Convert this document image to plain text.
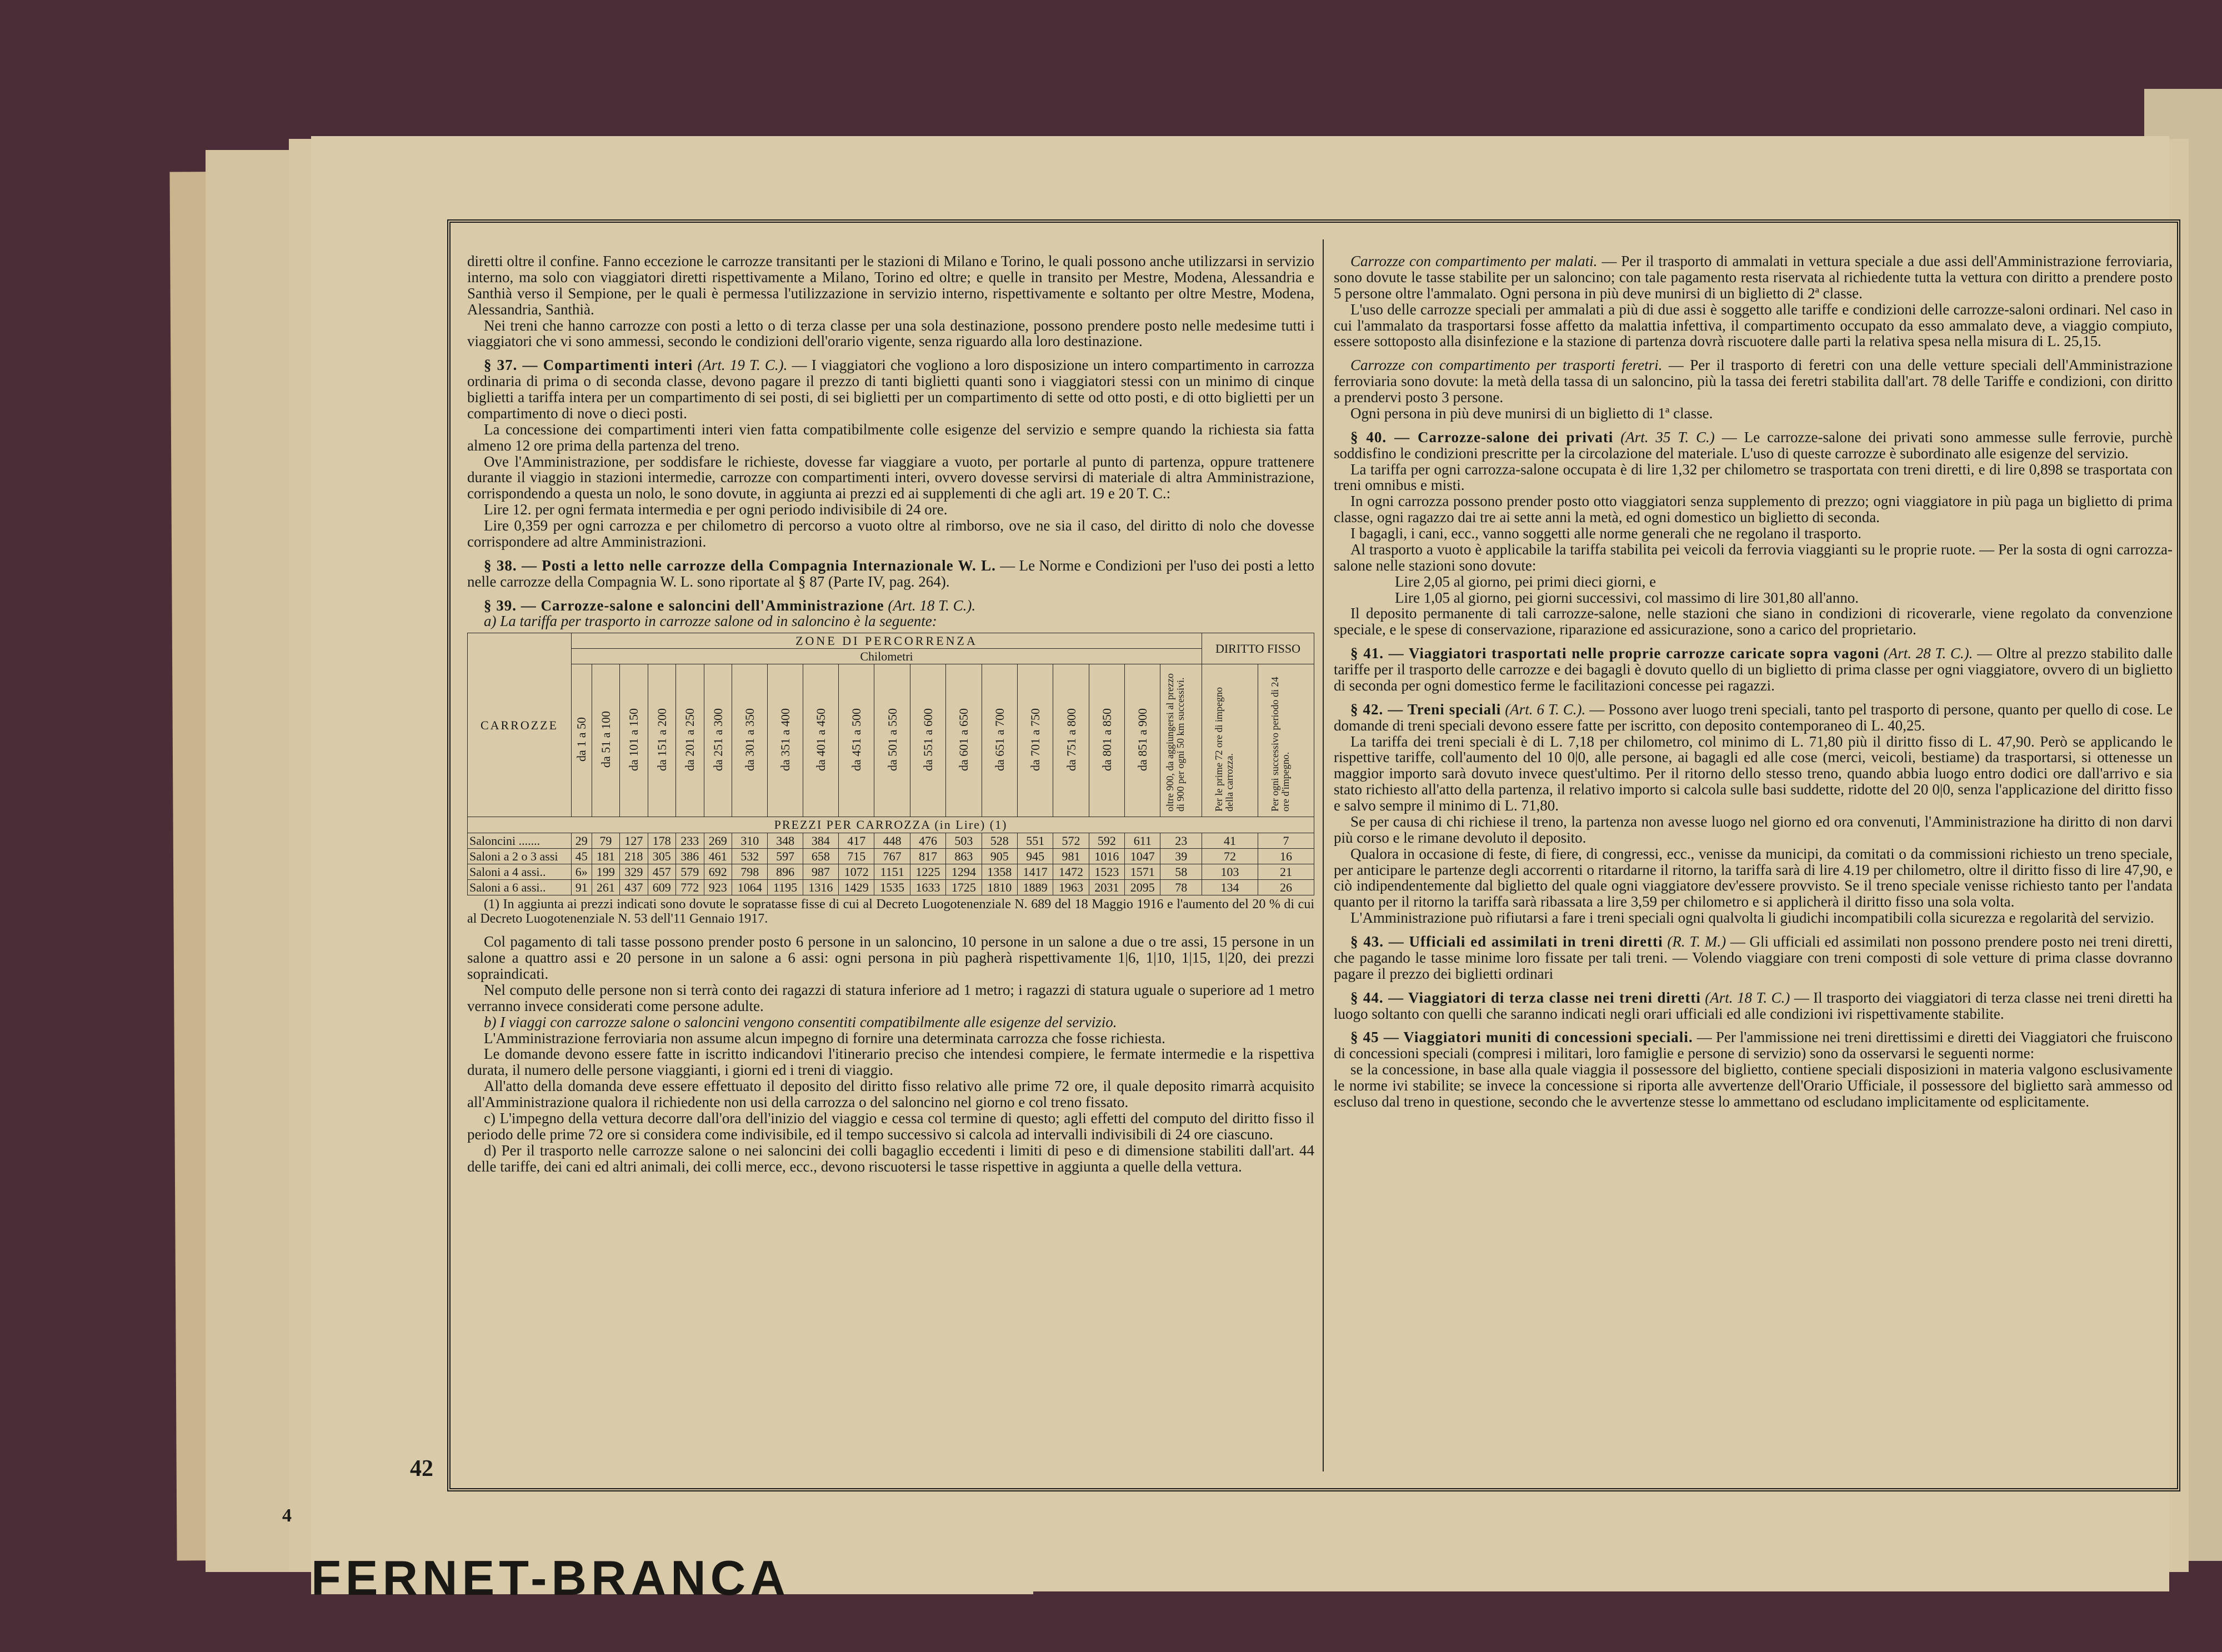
4
FERNET-BRANCA
42

diretti oltre il confine. Fanno eccezione le carrozze transitanti per le stazioni di Milano e Torino, le quali possono anche utilizzarsi in servizio interno, ma solo con viaggiatori diretti rispettivamente a Milano, Torino ed oltre; e quelle in transito per Mestre, Modena, Alessandria e Santhià verso il Sempione, per le quali è permessa l'utilizzazione in servizio interno, rispettivamente e soltanto per oltre Mestre, Modena, Alessandria, Santhià.

Nei treni che hanno carrozze con posti a letto o di terza classe per una sola destinazione, possono prendere posto nelle medesime tutti i viaggiatori che vi sono ammessi, secondo le condizioni dell'orario vigente, senza riguardo alla loro destinazione.

§ 37. — Compartimenti interi (Art. 19 T. C.). — I viaggiatori che vogliono a loro disposizione un intero compartimento in carrozza ordinaria di prima o di seconda classe, devono pagare il prezzo di tanti biglietti quanti sono i viaggiatori stessi con un minimo di cinque biglietti a tariffa intera per un compartimento di sei posti, di sei biglietti per un compartimento di sette od otto posti, e di otto biglietti per un compartimento di nove o dieci posti.

La concessione dei compartimenti interi vien fatta compatibilmente colle esigenze del servizio e sempre quando la richiesta sia fatta almeno 12 ore prima della partenza del treno.

Ove l'Amministrazione, per soddisfare le richieste, dovesse far viaggiare a vuoto, per portarle al punto di partenza, oppure trattenere durante il viaggio in stazioni intermedie, carrozze con compartimenti interi, ovvero dovesse servirsi di materiale di altra Amministrazione, corrispondendo a questa un nolo, le sono dovute, in aggiunta ai prezzi ed ai supplementi di che agli art. 19 e 20 T. C.:

Lire 12. per ogni fermata intermedia e per ogni periodo indivisibile di 24 ore.

Lire 0,359 per ogni carrozza e per chilometro di percorso a vuoto oltre al rimborso, ove ne sia il caso, del diritto di nolo che dovesse corrispondere ad altre Amministrazioni.

§ 38. — Posti a letto nelle carrozze della Compagnia Internazionale W. L. — Le Norme e Condizioni per l'uso dei posti a letto nelle carrozze della Compagnia W. L. sono riportate al § 87 (Parte IV, pag. 264).

§ 39. — Carrozze-salone e saloncini dell'Amministrazione (Art. 18 T. C.).

a) La tariffa per trasporto in carrozze salone od in saloncino è la seguente:

CARROZZE	ZONE DI PERCORRENZA																			DIRITTO FISSO	
	Chilometri																				
	da 1 a 50	da 51 a 100	da 101 a 150	da 151 a 200	da 201 a 250	da 251 a 300	da 301 a 350	da 351 a 400	da 401 a 450	da 451 a 500	da 501 a 550	da 551 a 600	da 601 a 650	da 651 a 700	da 701 a 750	da 751 a 800	da 801 a 850	da 851 a 900	oltre 900, da aggiungersi al prezzo di 900 per ogni 50 km successivi.	Per le prime 72 ore di impegno della carrozza.	Per ogni successivo periodo di 24 ore d'impegno.
PREZZI PER CARROZZA (in Lire) (1)																					
Saloncini .......	29	79	127	178	233	269	310	348	384	417	448	476	503	528	551	572	592	611	23	41	7
Saloni a 2 o 3 assi	45	181	218	305	386	461	532	597	658	715	767	817	863	905	945	981	1016	1047	39	72	16
Saloni a 4 assi..	6»	199	329	457	579	692	798	896	987	1072	1151	1225	1294	1358	1417	1472	1523	1571	58	103	21
Saloni a 6 assi..	91	261	437	609	772	923	1064	1195	1316	1429	1535	1633	1725	1810	1889	1963	2031	2095	78	134	26

(1) In aggiunta ai prezzi indicati sono dovute le sopratasse fisse di cui al Decreto Luogotenenziale N. 689 del 18 Maggio 1916 e l'aumento del 20 % di cui al Decreto Luogotenenziale N. 53 dell'11 Gennaio 1917.

Col pagamento di tali tasse possono prender posto 6 persone in un saloncino, 10 persone in un salone a due o tre assi, 15 persone in un salone a quattro assi e 20 persone in un salone a 6 assi: ogni persona in più pagherà rispettivamente 1|6, 1|10, 1|15, 1|20, dei prezzi sopraindicati.

Nel computo delle persone non si terrà conto dei ragazzi di statura inferiore ad 1 metro; i ragazzi di statura uguale o superiore ad 1 metro verranno invece considerati come persone adulte.

b) I viaggi con carrozze salone o saloncini vengono consentiti compatibilmente alle esigenze del servizio.

L'Amministrazione ferroviaria non assume alcun impegno di fornire una determinata carrozza che fosse richiesta.

Le domande devono essere fatte in iscritto indicandovi l'itinerario preciso che intendesi compiere, le fermate intermedie e la rispettiva durata, il numero delle persone viaggianti, i giorni ed i treni di viaggio.

All'atto della domanda deve essere effettuato il deposito del diritto fisso relativo alle prime 72 ore, il quale deposito rimarrà acquisito all'Amministrazione qualora il richiedente non usi della carrozza o del saloncino nel giorno e col treno fissato.

c) L'impegno della vettura decorre dall'ora dell'inizio del viaggio e cessa col termine di questo; agli effetti del computo del diritto fisso il periodo delle prime 72 ore si considera come indivisibile, ed il tempo successivo si calcola ad intervalli indivisibili di 24 ore ciascuno.

d) Per il trasporto nelle carrozze salone o nei saloncini dei colli bagaglio eccedenti i limiti di peso e di dimensione stabiliti dall'art. 44 delle tariffe, dei cani ed altri animali, dei colli merce, ecc., devono riscuotersi le tasse rispettive in aggiunta a quelle della vettura.

Carrozze con compartimento per malati. — Per il trasporto di ammalati in vettura speciale a due assi dell'Amministrazione ferroviaria, sono dovute le tasse stabilite per un saloncino; con tale pagamento resta riservata al richiedente tutta la vettura con diritto a prendere posto 5 persone oltre l'ammalato. Ogni persona in più deve munirsi di un biglietto di 2ª classe.

L'uso delle carrozze speciali per ammalati a più di due assi è soggetto alle tariffe e condizioni delle carrozze-saloni ordinari. Nel caso in cui l'ammalato da trasportarsi fosse affetto da malattia infettiva, il compartimento occupato da esso ammalato deve, a viaggio compiuto, essere sottoposto alla disinfezione e la stazione di partenza dovrà riscuotere dalle parti la relativa spesa nella misura di L. 25,15.

Carrozze con compartimento per trasporti feretri. — Per il trasporto di feretri con una delle vetture speciali dell'Amministrazione ferroviaria sono dovute: la metà della tassa di un saloncino, più la tassa dei feretri stabilita dall'art. 78 delle Tariffe e condizioni, con diritto a prendervi posto 3 persone.

Ogni persona in più deve munirsi di un biglietto di 1ª classe.

§ 40. — Carrozze-salone dei privati (Art. 35 T. C.) — Le carrozze-salone dei privati sono ammesse sulle ferrovie, purchè soddisfino le condizioni prescritte per la circolazione del materiale. L'uso di queste carrozze è subordinato alle esigenze del servizio.

La tariffa per ogni carrozza-salone occupata è di lire 1,32 per chilometro se trasportata con treni diretti, e di lire 0,898 se trasportata con treni omnibus e misti.

In ogni carrozza possono prender posto otto viaggiatori senza supplemento di prezzo; ogni viaggiatore in più paga un biglietto di prima classe, ogni ragazzo dai tre ai sette anni la metà, ed ogni domestico un biglietto di seconda.

I bagagli, i cani, ecc., vanno soggetti alle norme generali che ne regolano il trasporto.

Al trasporto a vuoto è applicabile la tariffa stabilita pei veicoli da ferrovia viaggianti su le proprie ruote. — Per la sosta di ogni carrozza-salone nelle stazioni sono dovute:

Lire 2,05 al giorno, pei primi dieci giorni, e

Lire 1,05 al giorno, pei giorni successivi, col massimo di lire 301,80 all'anno.

Il deposito permanente di tali carrozze-salone, nelle stazioni che siano in condizioni di ricoverarle, viene regolato da convenzione speciale, e le spese di conservazione, riparazione ed assicurazione, sono a carico del proprietario.

§ 41. — Viaggiatori trasportati nelle proprie carrozze caricate sopra vagoni (Art. 28 T. C.). — Oltre al prezzo stabilito dalle tariffe per il trasporto delle carrozze e dei bagagli è dovuto quello di un biglietto di prima classe per ogni viaggiatore, ovvero di un biglietto di seconda per ogni domestico ferme le facilitazioni concesse pei ragazzi.

§ 42. — Treni speciali (Art. 6 T. C.). — Possono aver luogo treni speciali, tanto pel trasporto di persone, quanto per quello di cose. Le domande di treni speciali devono essere fatte per iscritto, con deposito contemporaneo di L. 40,25.

La tariffa dei treni speciali è di L. 7,18 per chilometro, col minimo di L. 71,80 più il diritto fisso di L. 47,90. Però se applicando le rispettive tariffe, coll'aumento del 10 0|0, alle persone, ai bagagli ed alle cose (merci, veicoli, bestiame) da trasportarsi, si ottenesse un maggior importo sarà dovuto invece quest'ultimo. Per il ritorno dello stesso treno, quando abbia luogo entro dodici ore dall'arrivo e sia stato richiesto all'atto della partenza, il relativo importo si calcola sulle basi suddette, ridotte del 20 0|0, senza l'applicazione del diritto fisso e salvo sempre il minimo di L. 71,80.

Se per causa di chi richiese il treno, la partenza non avesse luogo nel giorno ed ora convenuti, l'Amministrazione ha diritto di non darvi più corso e le rimane devoluto il deposito.

Qualora in occasione di feste, di fiere, di congressi, ecc., venisse da municipi, da comitati o da commissioni richiesto un treno speciale, per anticipare le partenze degli accorrenti o ritardarne il ritorno, la tariffa sarà di lire 4.19 per chilometro, oltre il diritto fisso di lire 47,90, e ciò indipendentemente dal biglietto del quale ogni viaggiatore dev'essere provvisto. Se il treno speciale venisse richiesto tanto per l'andata quanto per il ritorno la tariffa sarà ribassata a lire 3,59 per chilometro e si applicherà il diritto fisso una sola volta.

L'Amministrazione può rifiutarsi a fare i treni speciali ogni qualvolta li giudichi incompatibili colla sicurezza e regolarità del servizio.

§ 43. — Ufficiali ed assimilati in treni diretti (R. T. M.) — Gli ufficiali ed assimilati non possono prendere posto nei treni diretti, che pagando le tasse minime loro fissate per tali treni. — Volendo viaggiare con treni composti di sole vetture di prima classe dovranno pagare il prezzo dei biglietti ordinari

§ 44. — Viaggiatori di terza classe nei treni diretti (Art. 18 T. C.) — Il trasporto dei viaggiatori di terza classe nei treni diretti ha luogo soltanto con quelli che saranno indicati negli orari ufficiali ed alle condizioni ivi rispettivamente stabilite.

§ 45 — Viaggiatori muniti di concessioni speciali. — Per l'ammissione nei treni direttissimi e diretti dei Viaggiatori che fruiscono di concessioni speciali (compresi i militari, loro famiglie e persone di servizio) sono da osservarsi le seguenti norme:

se la concessione, in base alla quale viaggia il possessore del biglietto, contiene speciali disposizioni in materia valgono esclusivamente le norme ivi stabilite; se invece la concessione si riporta alle avvertenze dell'Orario Ufficiale, il possessore del biglietto sarà ammesso od escluso dal treno in questione, secondo che le avvertenze stesse lo ammettano od escludano implicitamente od esplicitamente.
